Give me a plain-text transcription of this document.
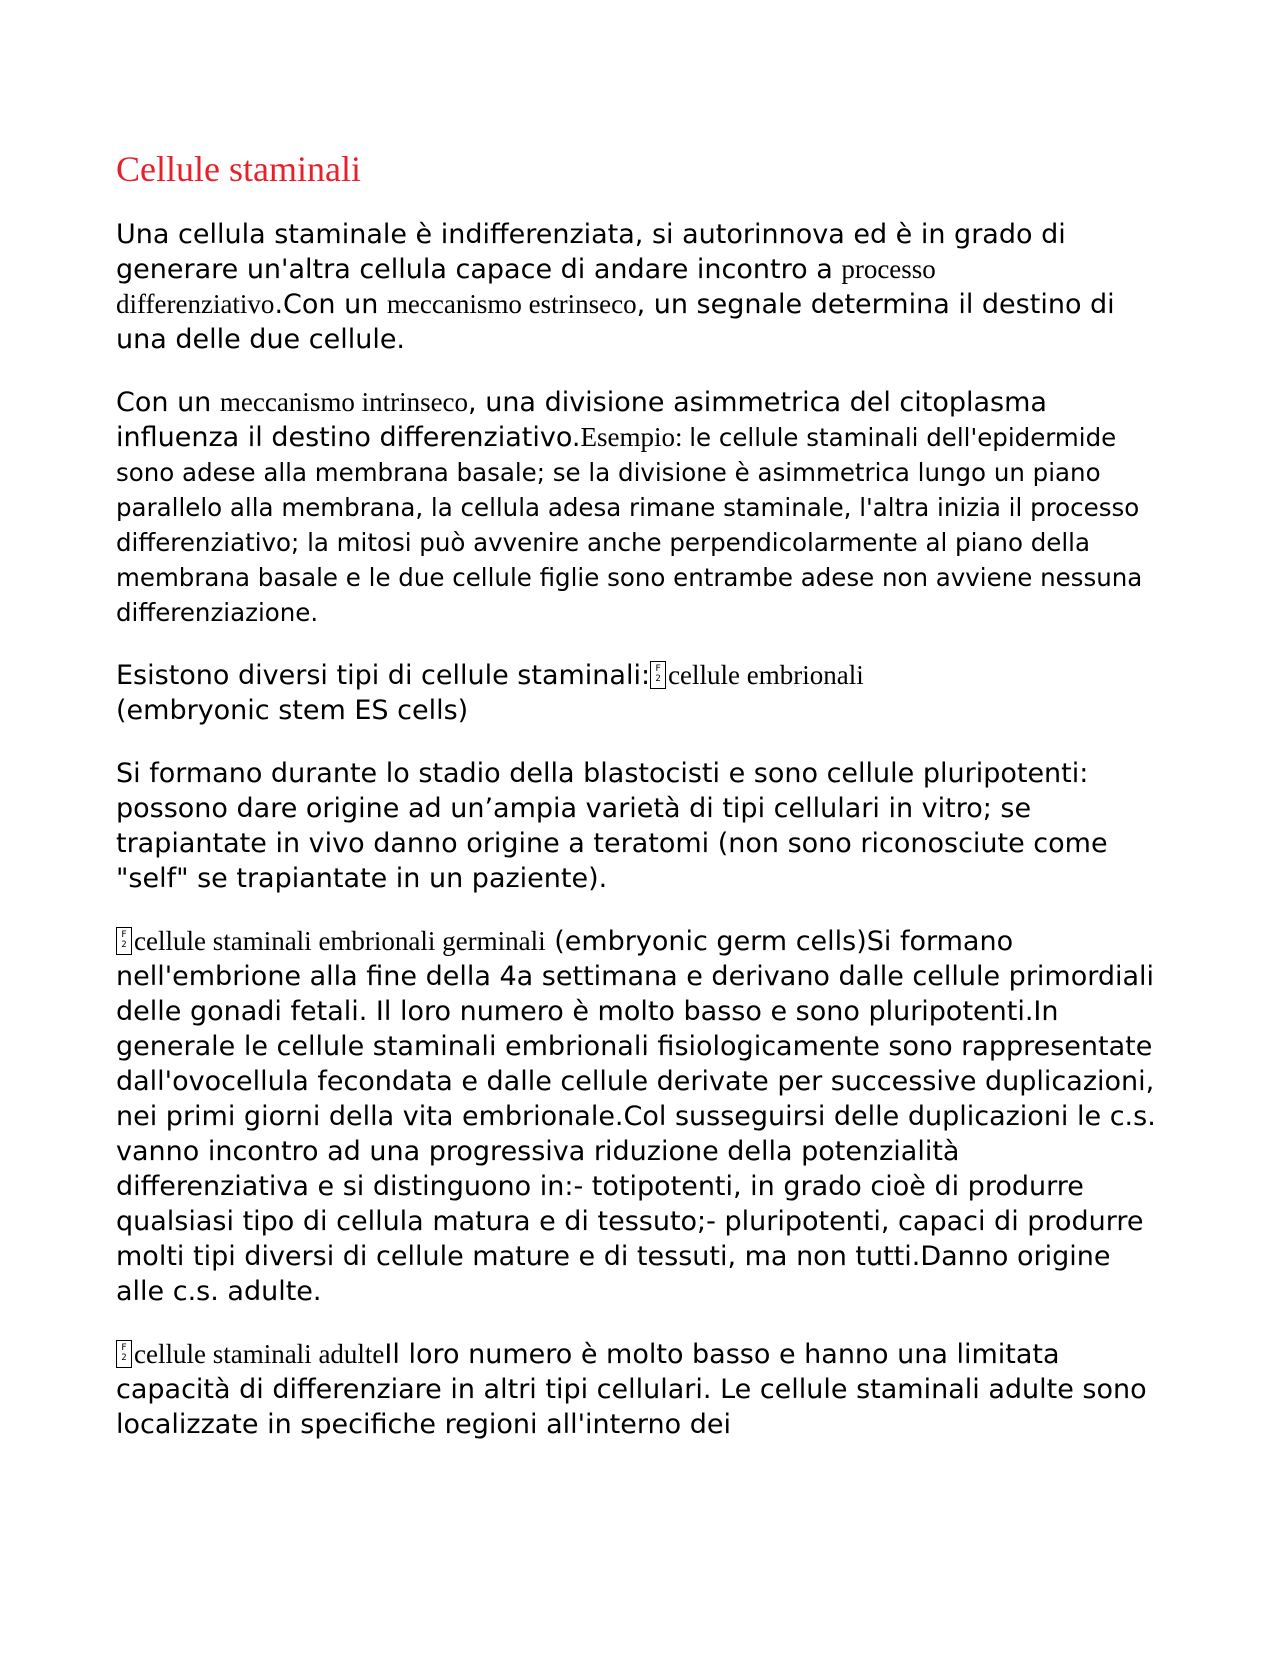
Cellule staminali

Una cellula staminale è indifferenziata, si autorinnova ed è in grado di generare un'altra cellula capace di andare incontro a processo differenziativo.Con un meccanismo estrinseco, un segnale determina il destino di una delle due cellule.

Con un meccanismo intrinseco, una divisione asimmetrica del citoplasma influenza il destino differenziativo.Esempio: le cellule staminali dell'epidermide sono adese alla membrana basale; se la divisione è asimmetrica lungo un piano parallelo alla membrana, la cellula adesa rimane staminale, l'altra inizia il processo differenziativo; la mitosi può avvenire anche perpendicolarmente al piano della membrana basale e le due cellule figlie sono entrambe adese non avviene nessuna differenziazione.

Esistono diversi tipi di cellule staminali:F 2 cellule embrionali
(embryonic stem ES cells)

Si formano durante lo stadio della blastocisti e sono cellule pluripotenti: possono dare origine ad un’ampia varietà di tipi cellulari in vitro; se trapiantate in vivo danno origine a teratomi (non sono riconosciute come "self" se trapiantate in un paziente).

F 2cellule staminali embrionali germinali (embryonic germ cells)Si formano nell'embrione alla fine della 4a settimana e derivano dalle cellule primordiali delle gonadi fetali. Il loro numero è molto basso e sono pluripotenti.In generale le cellule staminali embrionali fisiologicamente sono rappresentate dall'ovocellula fecondata e dalle cellule derivate per successive duplicazioni, nei primi giorni della vita embrionale.Col susseguirsi delle duplicazioni le c.s. vanno incontro ad una progressiva riduzione della potenzialità differenziativa e si distinguono in:- totipotenti, in grado cioè di produrre qualsiasi tipo di cellula matura e di tessuto;- pluripotenti, capaci di produrre molti tipi diversi di cellule mature e di tessuti, ma non tutti.Danno origine alle c.s. adulte.

F 2cellule staminali adulteIl loro numero è molto basso e hanno una limitata capacità di differenziare in altri tipi cellulari. Le cellule staminali adulte sono localizzate in specifiche regioni all'interno dei
